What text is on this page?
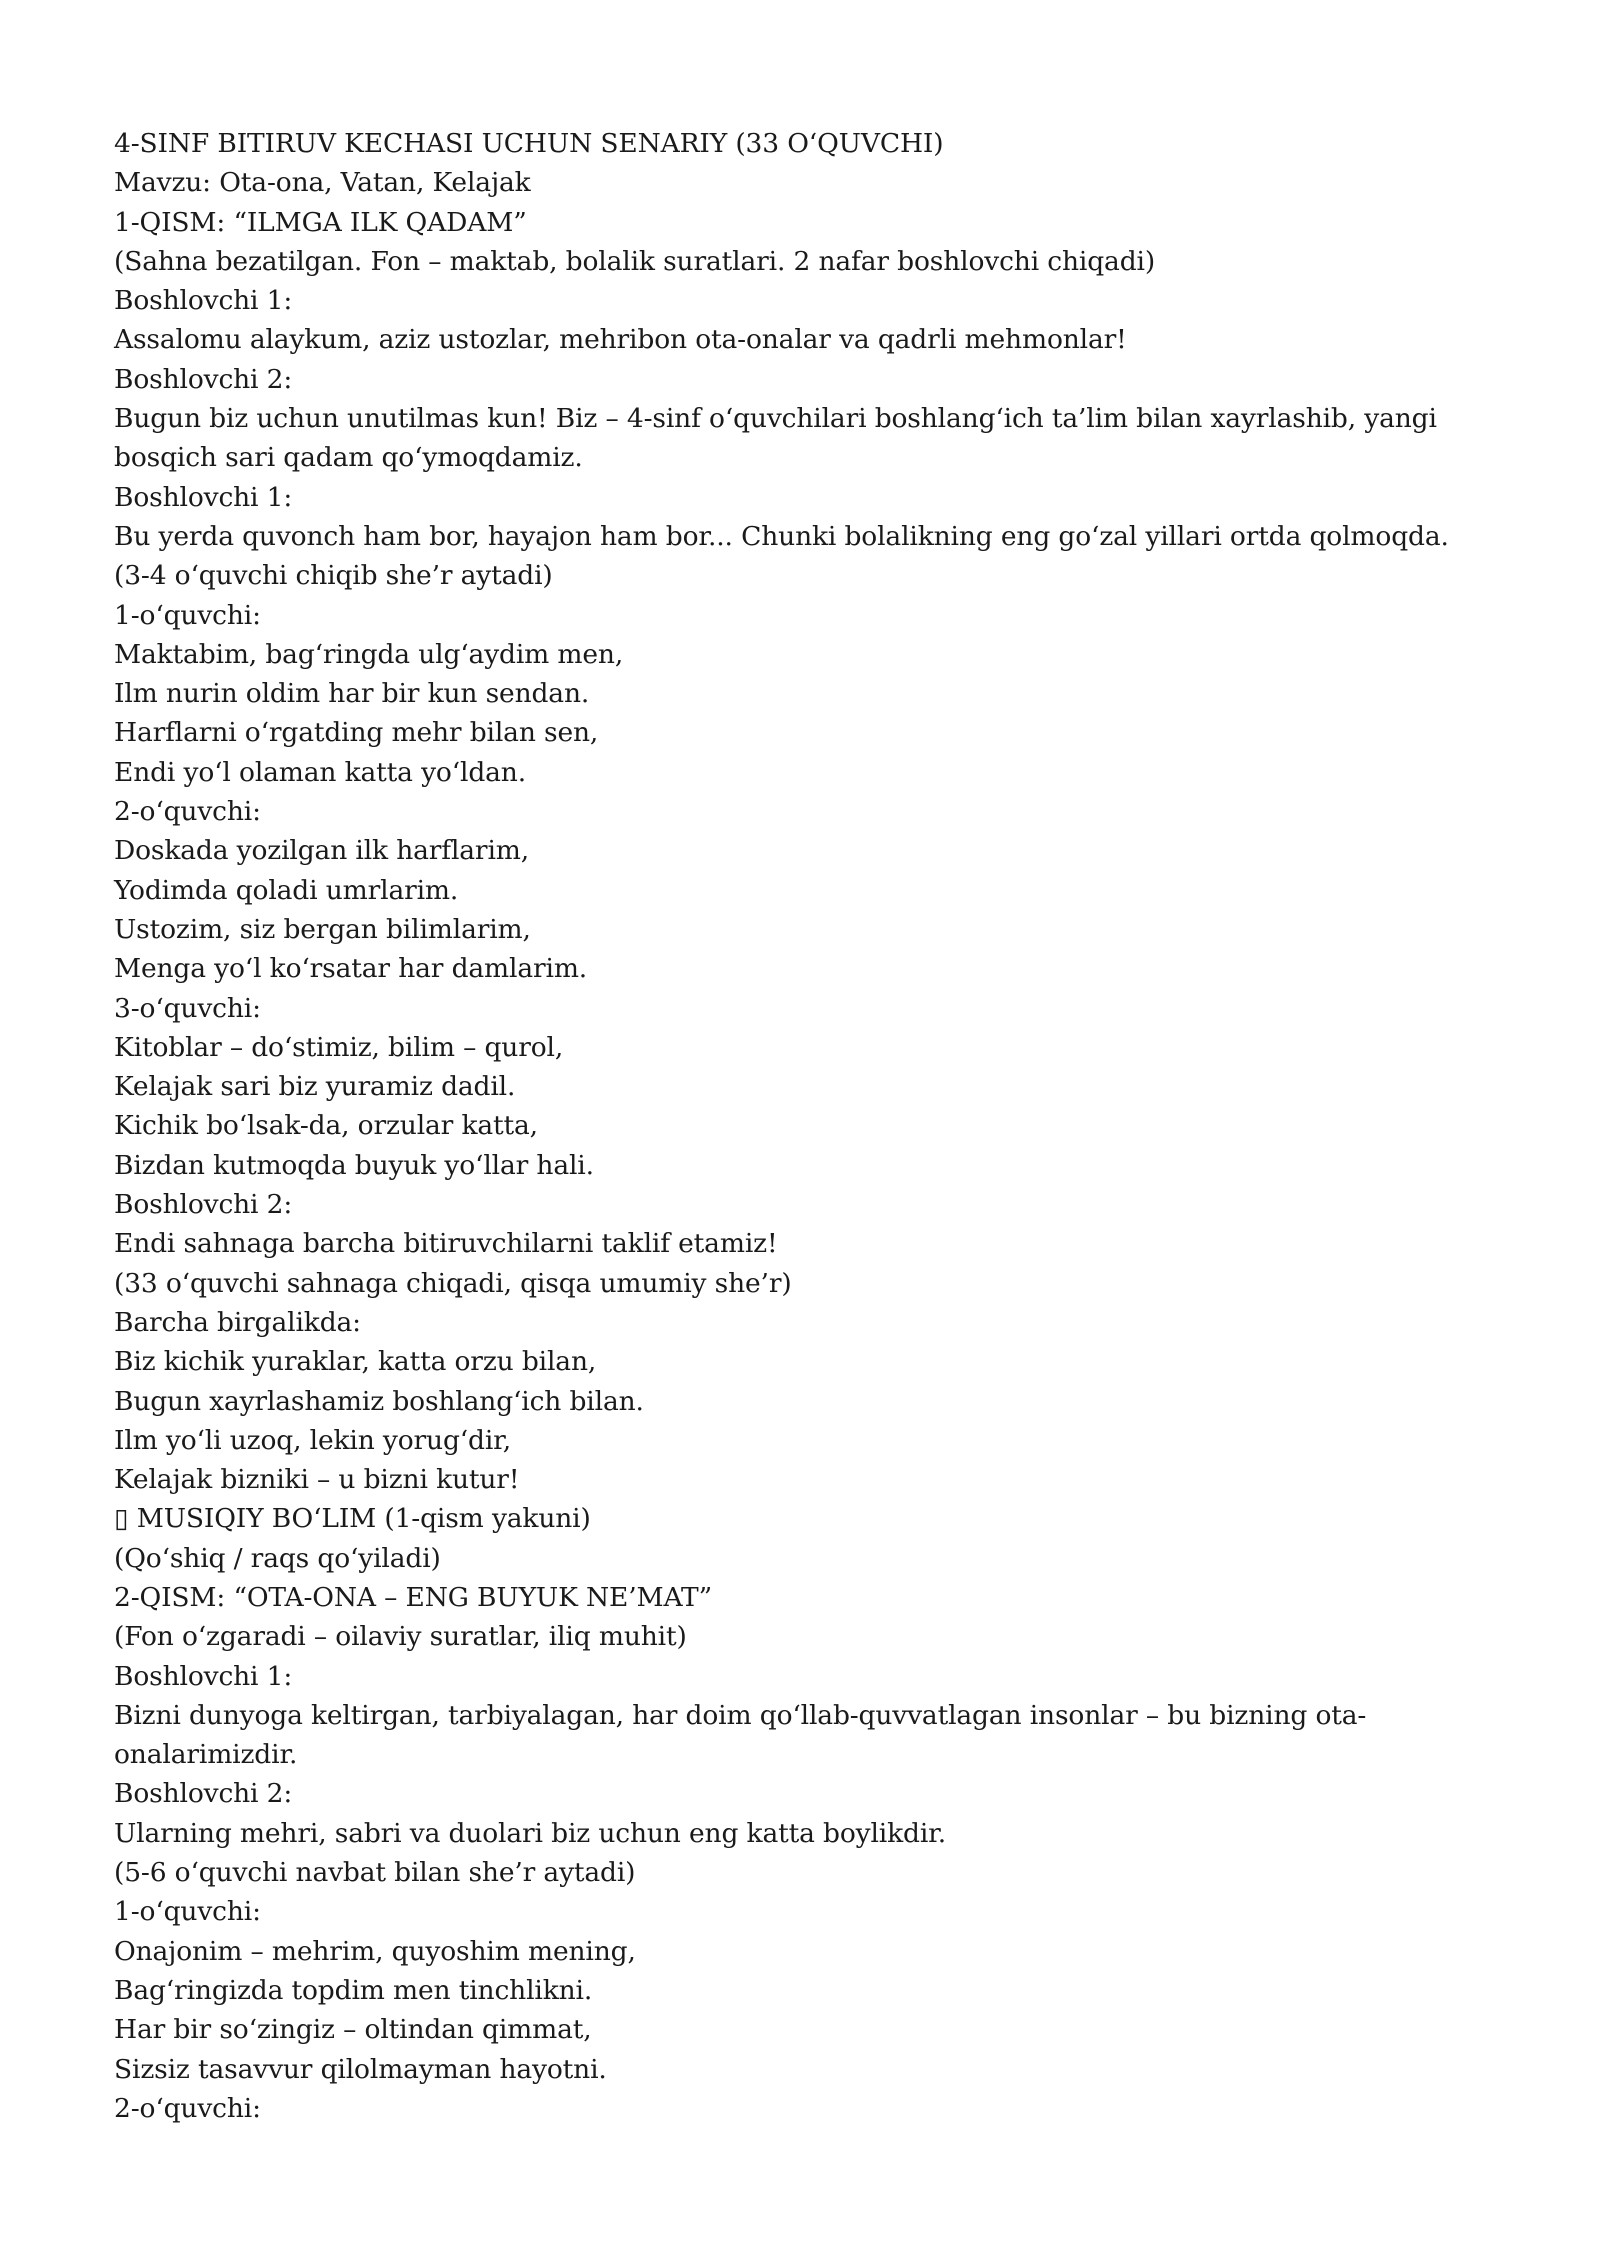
4-SINF BITIRUV KECHASI UCHUN SENARIY (33 O‘QUVCHI)
Mavzu: Ota-ona, Vatan, Kelajak
1-QISM: “ILMGA ILK QADAM”
(Sahna bezatilgan. Fon – maktab, bolalik suratlari. 2 nafar boshlovchi chiqadi)
Boshlovchi 1:
Assalomu alaykum, aziz ustozlar, mehribon ota-onalar va qadrli mehmonlar!
Boshlovchi 2:
Bugun biz uchun unutilmas kun! Biz – 4-sinf o‘quvchilari boshlang‘ich ta’lim bilan xayrlashib, yangi
bosqich sari qadam qo‘ymoqdamiz.
Boshlovchi 1:
Bu yerda quvonch ham bor, hayajon ham bor... Chunki bolalikning eng go‘zal yillari ortda qolmoqda.
(3-4 o‘quvchi chiqib she’r aytadi)
1-o‘quvchi:
Maktabim, bag‘ringda ulg‘aydim men,
Ilm nurin oldim har bir kun sendan.
Harflarni o‘rgatding mehr bilan sen,
Endi yo‘l olaman katta yo‘ldan.
2-o‘quvchi:
Doskada yozilgan ilk harflarim,
Yodimda qoladi umrlarim.
Ustozim, siz bergan bilimlarim,
Menga yo‘l ko‘rsatar har damlarim.
3-o‘quvchi:
Kitoblar – do‘stimiz, bilim – qurol,
Kelajak sari biz yuramiz dadil.
Kichik bo‘lsak-da, orzular katta,
Bizdan kutmoqda buyuk yo‘llar hali.
Boshlovchi 2:
Endi sahnaga barcha bitiruvchilarni taklif etamiz!
(33 o‘quvchi sahnaga chiqadi, qisqa umumiy she’r)
Barcha birgalikda:
Biz kichik yuraklar, katta orzu bilan,
Bugun xayrlashamiz boshlang‘ich bilan.
Ilm yo‘li uzoq, lekin yorug‘dir,
Kelajak bizniki – u bizni kutur!
▯ MUSIQIY BO‘LIM (1-qism yakuni)
(Qo‘shiq / raqs qo‘yiladi)
2-QISM: “OTA-ONA – ENG BUYUK NE’MAT”
(Fon o‘zgaradi – oilaviy suratlar, iliq muhit)
Boshlovchi 1:
Bizni dunyoga keltirgan, tarbiyalagan, har doim qo‘llab-quvvatlagan insonlar – bu bizning ota-
onalarimizdir.
Boshlovchi 2:
Ularning mehri, sabri va duolari biz uchun eng katta boylikdir.
(5-6 o‘quvchi navbat bilan she’r aytadi)
1-o‘quvchi:
Onajonim – mehrim, quyoshim mening,
Bag‘ringizda topdim men tinchlikni.
Har bir so‘zingiz – oltindan qimmat,
Sizsiz tasavvur qilolmayman hayotni.
2-o‘quvchi:
